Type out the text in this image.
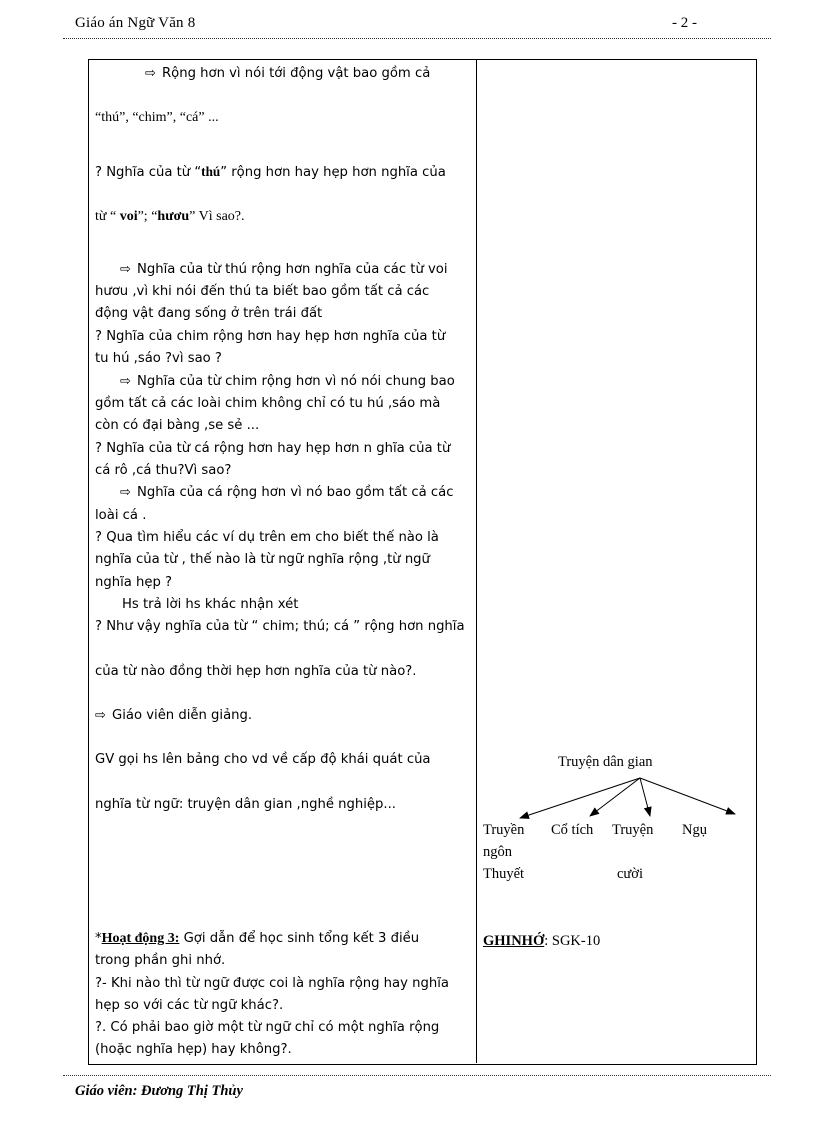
Giáo án Ngữ Văn 8	- 2 -
⇨ Rộng hơn vì nói tới động vật bao gồm cả
“thú”, “chim”, “cá” ...
? Nghĩa của từ “thú” rộng hơn hay hẹp hơn nghĩa của
từ “ voi”; “hươu” Vì sao?.
⇨ Nghĩa của từ thú rộng hơn nghĩa của các từ voi
hươu ,vì khi nói đến thú ta biết bao gồm tất cả các
động vật đang sống ở trên trái đất
? Nghĩa của chim rộng hơn hay hẹp hơn nghĩa của từ
tu hú ,sáo ?vì sao ?
⇨ Nghĩa của từ chim rộng hơn vì nó nói chung bao
gồm tất cả các loài chim không chỉ có tu hú ,sáo mà
còn có đại bàng ,se sẻ ...
? Nghĩa của từ cá rộng hơn hay hẹp hơn n ghĩa của từ
cá rô ,cá thu?Vì sao?
⇨ Nghĩa của cá rộng hơn vì nó bao gồm tất cả các
loài cá .
? Qua tìm hiểu các ví dụ trên em cho biết thế nào là
nghĩa của từ , thế nào là từ ngữ nghĩa rộng ,từ ngữ
nghĩa hẹp ?
Hs trả lời hs khác nhận xét
? Như vậy nghĩa của từ “ chim; thú; cá ” rộng hơn nghĩa
của từ nào đồng thời hẹp hơn nghĩa của từ nào?.
⇨ Giáo viên diễn giảng.
GV gọi hs lên bảng cho vd về cấp độ khái quát của
nghĩa từ ngữ: truyện dân gian ,nghề nghiệp...
*Hoạt động 3: Gợi dẫn để học sinh tổng kết 3 điều
trong phần ghi nhớ.
?- Khi nào thì từ ngữ được coi là nghĩa rộng hay nghĩa
hẹp so với các từ ngữ khác?.
?. Có phải bao giờ một từ ngữ chỉ có một nghĩa rộng
(hoặc nghĩa hẹp) hay không?.
Truyện dân gian
Truyền
ngôn
Cổ tích Truyện Ngụ
Thuyết	cười
GHINHỚ: SGK-10
Giáo viên: Đương Thị Thủy
